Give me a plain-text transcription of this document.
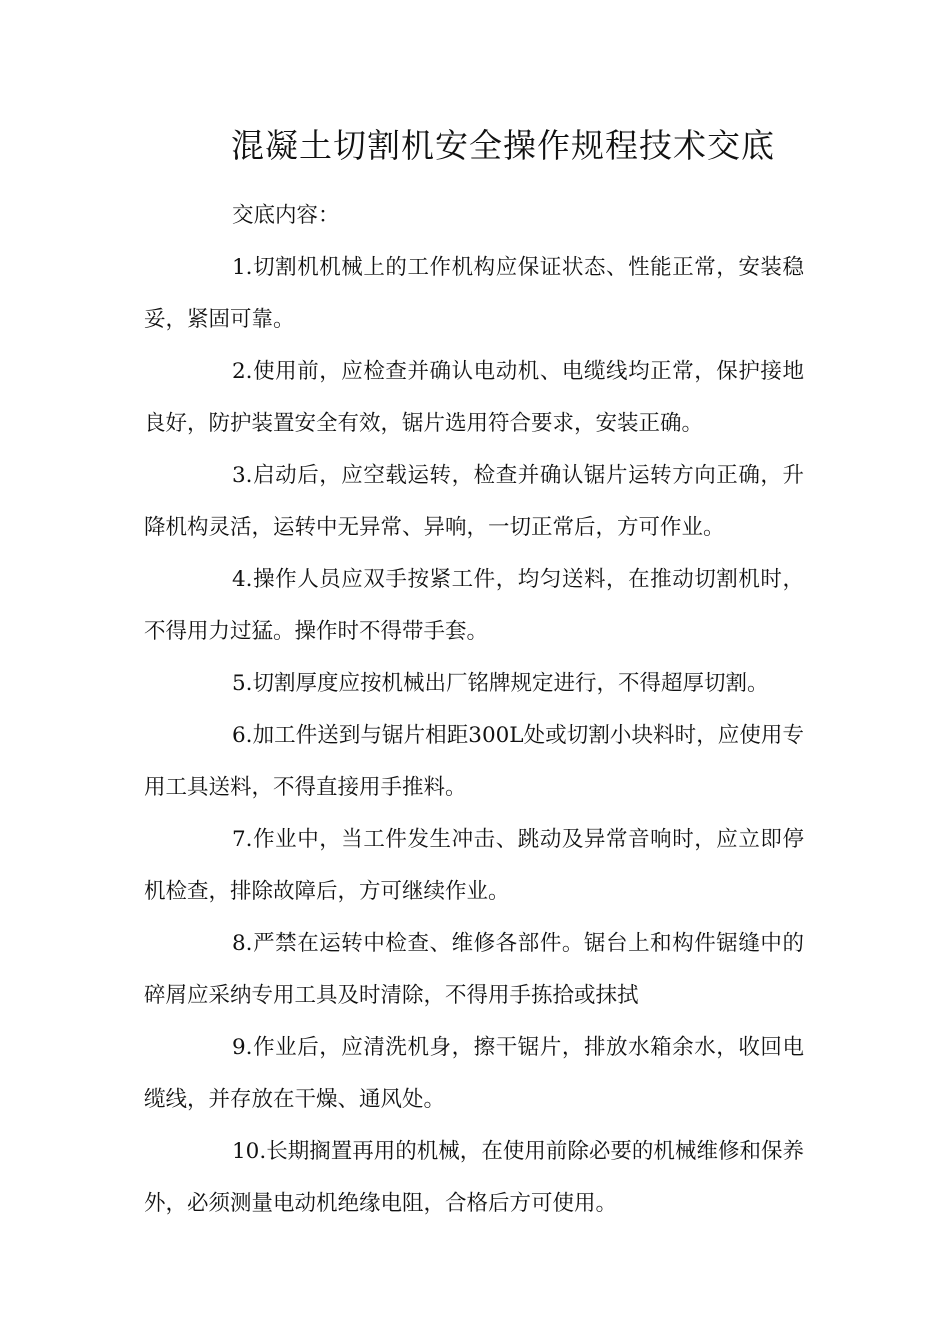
混凝土切割机安全操作规程技术交底

交底内容：

1.切割机机械上的工作机构应保证状态、性能正常，安装稳妥，紧固可靠。

2.使用前，应检查并确认电动机、电缆线均正常，保护接地良好，防护装置安全有效，锯片选用符合要求，安装正确。

3.启动后，应空载运转，检查并确认锯片运转方向正确，升降机构灵活，运转中无异常、异响，一切正常后，方可作业。

4.操作人员应双手按紧工件，均匀送料，在推动切割机时，不得用力过猛。操作时不得带手套。

5.切割厚度应按机械出厂铭牌规定进行，不得超厚切割。

6.加工件送到与锯片相距300L处或切割小块料时，应使用专用工具送料，不得直接用手推料。

7.作业中，当工件发生冲击、跳动及异常音响时，应立即停机检查，排除故障后，方可继续作业。

8.严禁在运转中检查、维修各部件。锯台上和构件锯缝中的碎屑应采纳专用工具及时清除，不得用手拣拾或抹拭

9.作业后，应清洗机身，擦干锯片，排放水箱余水，收回电缆线，并存放在干燥、通风处。

10.长期搁置再用的机械，在使用前除必要的机械维修和保养外，必须测量电动机绝缘电阻，合格后方可使用。
